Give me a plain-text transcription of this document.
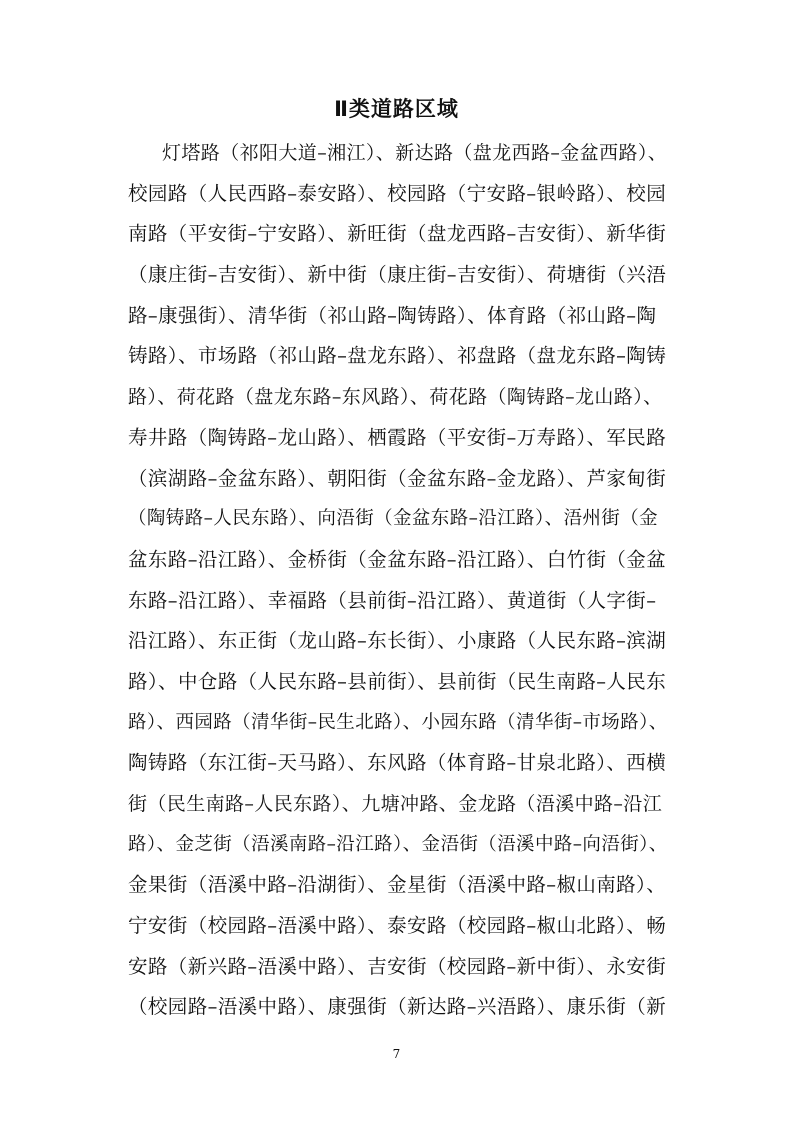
Ⅱ类道路区域
灯塔路（祁阳大道–湘江）、新达路（盘龙西路–金盆西路）、
校园路（人民西路–泰安路）、校园路（宁安路–银岭路）、校园
南路（平安街–宁安路）、新旺街（盘龙西路–吉安街）、新华街
（康庄街–吉安街）、新中街（康庄街–吉安街）、荷塘街（兴浯
路–康强街）、清华街（祁山路–陶铸路）、体育路（祁山路–陶
铸路）、市场路（祁山路–盘龙东路）、祁盘路（盘龙东路–陶铸
路）、荷花路（盘龙东路–东风路）、荷花路（陶铸路–龙山路）、
寿井路（陶铸路–龙山路）、栖霞路（平安街–万寿路）、军民路
（滨湖路–金盆东路）、朝阳街（金盆东路–金龙路）、芦家甸街
（陶铸路–人民东路）、向浯街（金盆东路–沿江路）、浯州街（金
盆东路–沿江路）、金桥街（金盆东路–沿江路）、白竹街（金盆
东路–沿江路）、幸福路（县前街–沿江路）、黄道街（人字街–
沿江路）、东正街（龙山路–东长街）、小康路（人民东路–滨湖
路）、中仓路（人民东路–县前街）、县前街（民生南路–人民东
路）、西园路（清华街–民生北路）、小园东路（清华街–市场路）、
陶铸路（东江街–天马路）、东风路（体育路–甘泉北路）、西横
街（民生南路–人民东路）、九塘冲路、金龙路（浯溪中路–沿江
路）、金芝街（浯溪南路–沿江路）、金浯街（浯溪中路–向浯街）、
金果街（浯溪中路–沿湖街）、金星街（浯溪中路–椒山南路）、
宁安街（校园路–浯溪中路）、泰安路（校园路–椒山北路）、畅
安路（新兴路–浯溪中路）、吉安街（校园路–新中街）、永安街
（校园路–浯溪中路）、康强街（新达路–兴浯路）、康乐街（新
7
